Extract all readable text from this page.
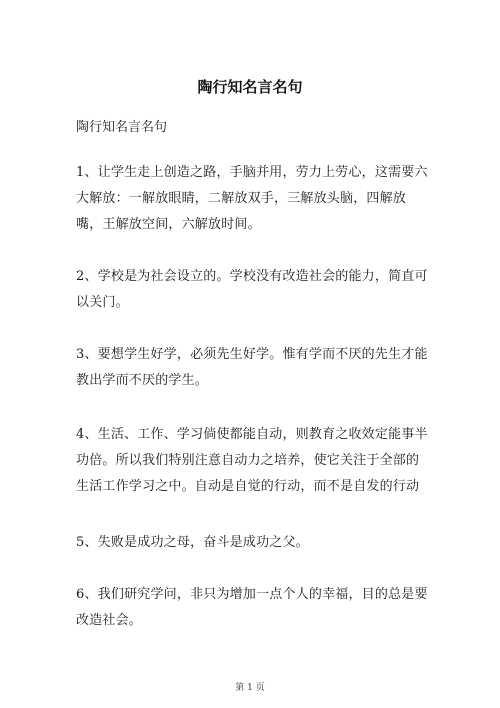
陶行知名言名句

陶行知名言名句

1、让学生走上创造之路，手脑并用，劳力上劳心，这需要六大解放：一解放眼睛，二解放双手，三解放头脑，四解放嘴，王解放空间，六解放时间。

2、学校是为社会设立的。学校没有改造社会的能力，简直可以关门。

3、要想学生好学，必须先生好学。惟有学而不厌的先生才能教出学而不厌的学生。

4、生活、工作、学习倘使都能自动，则教育之收效定能事半功倍。所以我们特别注意自动力之培养，使它关注于全部的生活工作学习之中。自动是自觉的行动，而不是自发的行动

5、失败是成功之母，奋斗是成功之父。

6、我们研究学问，非只为增加一点个人的幸福，目的总是要改造社会。

第 1 页
